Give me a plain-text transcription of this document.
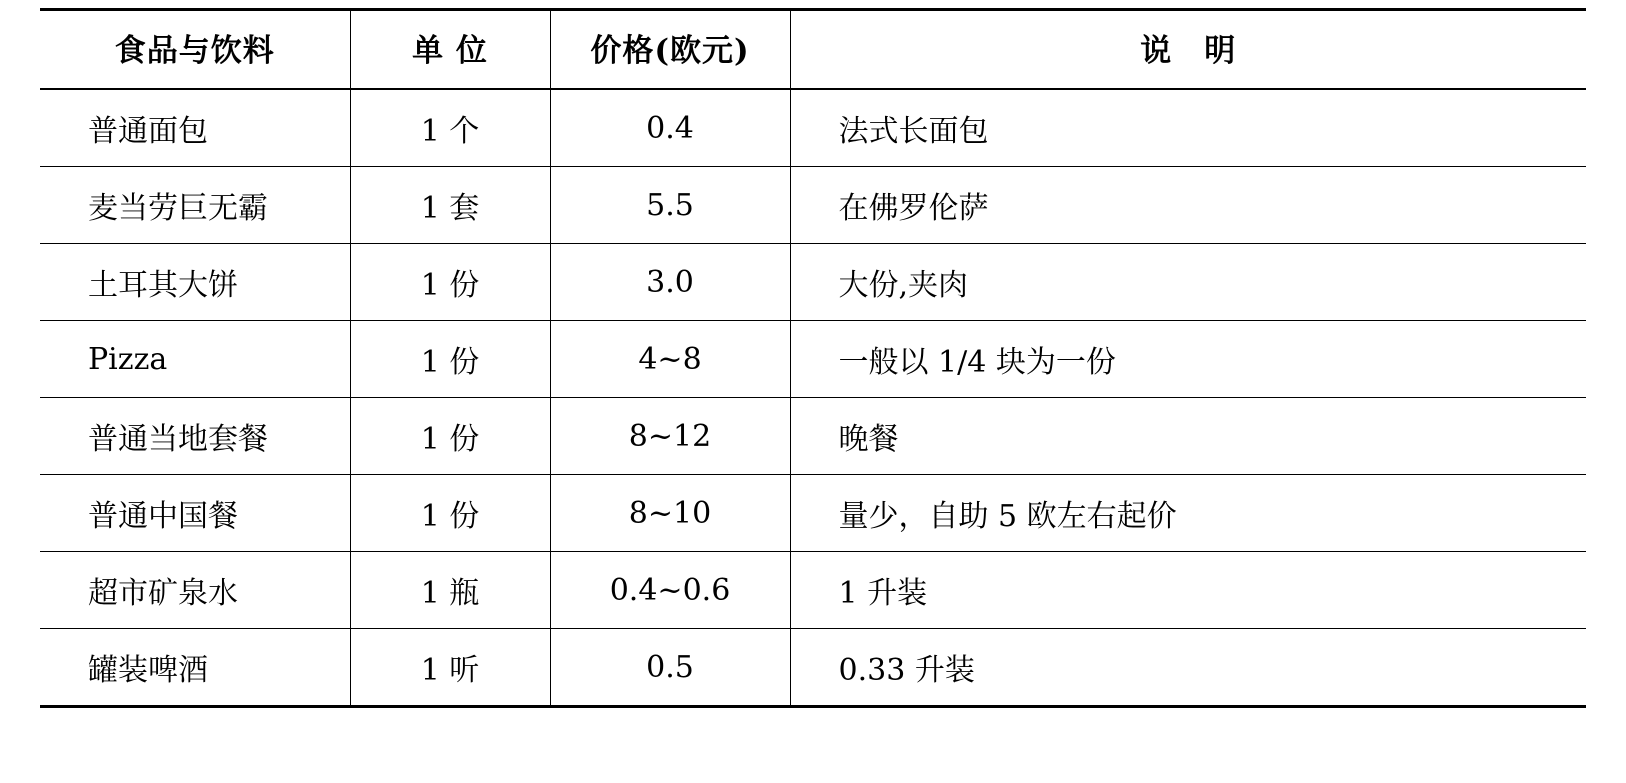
食品与饮料	单 位	价格(欧元)	说　明
普通面包	1 个	0.4	法式长面包
麦当劳巨无霸	1 套	5.5	在佛罗伦萨
土耳其大饼	1 份	3.0	大份,夹肉
Pizza	1 份	4~8	一般以 1/4 块为一份
普通当地套餐	1 份	8~12	晚餐
普通中国餐	1 份	8~10	量少，自助 5 欧左右起价
超市矿泉水	1 瓶	0.4~0.6	1 升装
罐装啤酒	1 听	0.5	0.33 升装
